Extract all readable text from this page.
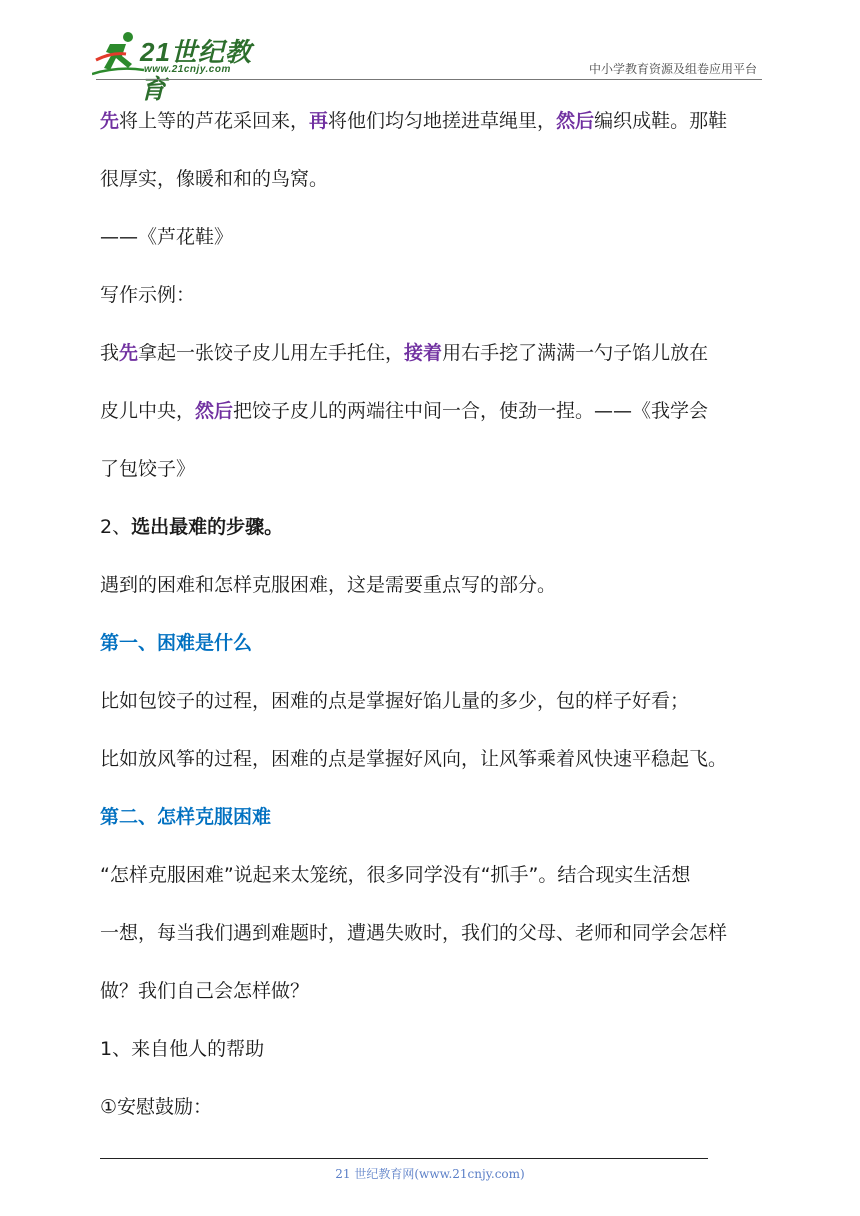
21世纪教育
www.21cnjy.com	中小学教育资源及组卷应用平台

先将上等的芦花采回来，再将他们均匀地搓进草绳里，然后编织成鞋。那鞋

很厚实，像暖和和的鸟窝。

——《芦花鞋》

写作示例：

我先拿起一张饺子皮儿用左手托住，接着用右手挖了满满一勺子馅儿放在

皮儿中央，然后把饺子皮儿的两端往中间一合，使劲一捏。——《我学会

了包饺子》

2、选出最难的步骤。

遇到的困难和怎样克服困难，这是需要重点写的部分。

第一、困难是什么

比如包饺子的过程，困难的点是掌握好馅儿量的多少，包的样子好看；

比如放风筝的过程，困难的点是掌握好风向，让风筝乘着风快速平稳起飞。

第二、怎样克服困难

“怎样克服困难”说起来太笼统，很多同学没有“抓手”。结合现实生活想

一想，每当我们遇到难题时，遭遇失败时，我们的父母、老师和同学会怎样

做？我们自己会怎样做？

1、来自他人的帮助

①安慰鼓励：

21 世纪教育网(www.21cnjy.com)
